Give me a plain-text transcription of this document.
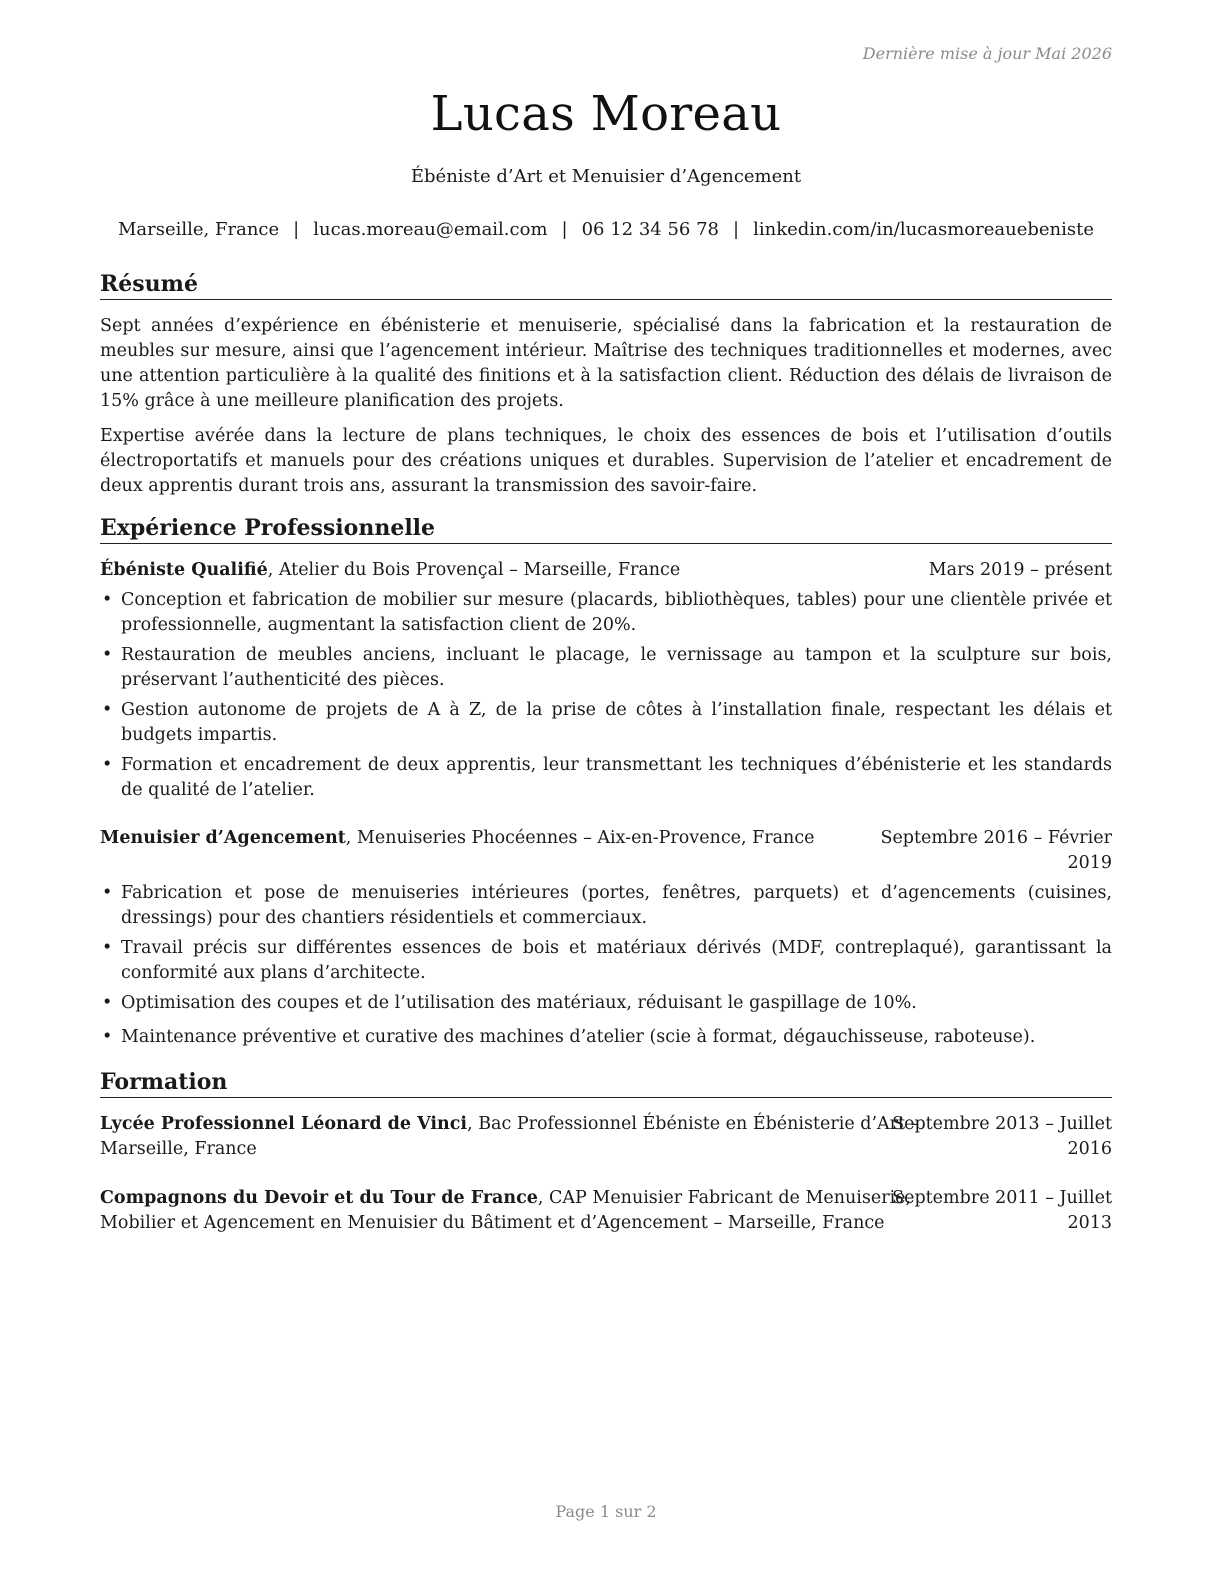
Dernière mise à jour Mai 2026
Lucas Moreau
Ébéniste d’Art et Menuisier d’Agencement
Marseille, France | lucas.moreau@email.com | 06 12 34 56 78 | linkedin.com/in/lucasmoreauebeniste
Résumé

Sept années d’expérience en ébénisterie et menuiserie, spécialisé dans la fabrication et la restauration de meubles sur mesure, ainsi que l’agencement intérieur. Maîtrise des techniques traditionnelles et modernes, avec une attention particulière à la qualité des finitions et à la satisfaction client. Réduction des délais de livraison de 15% grâce à une meilleure planification des projets.

Expertise avérée dans la lecture de plans techniques, le choix des essences de bois et l’utilisation d’outils électroportatifs et manuels pour des créations uniques et durables. Supervision de l’atelier et encadrement de deux apprentis durant trois ans, assurant la transmission des savoir-faire.

Expérience Professionnelle
Ébéniste Qualifié, Atelier du Bois Provençal – Marseille, France	Mars 2019 – présent
• Conception et fabrication de mobilier sur mesure (placards, bibliothèques, tables) pour une clientèle privée et professionnelle, augmentant la satisfaction client de 20%.
• Restauration de meubles anciens, incluant le placage, le vernissage au tampon et la sculpture sur bois, préservant l’authenticité des pièces.
• Gestion autonome de projets de A à Z, de la prise de côtes à l’installation finale, respectant les délais et budgets impartis.
• Formation et encadrement de deux apprentis, leur transmettant les techniques d’ébénisterie et les standards de qualité de l’atelier.
Menuisier d’Agencement, Menuiseries Phocéennes – Aix-en-Provence, France	Septembre 2016 – Février
2019
• Fabrication et pose de menuiseries intérieures (portes, fenêtres, parquets) et d’agencements (cuisines, dressings) pour des chantiers résidentiels et commerciaux.
• Travail précis sur différentes essences de bois et matériaux dérivés (MDF, contreplaqué), garantissant la conformité aux plans d’architecte.
• Optimisation des coupes et de l’utilisation des matériaux, réduisant le gaspillage de 10%.
• Maintenance préventive et curative des machines d’atelier (scie à format, dégauchisseuse, raboteuse).
Formation
Lycée Professionnel Léonard de Vinci, Bac Professionnel Ébéniste en Ébénisterie d’Art –
Marseille, France
Septembre 2013 – Juillet
2016
Compagnons du Devoir et du Tour de France, CAP Menuisier Fabricant de Menuiserie,
Mobilier et Agencement en Menuisier du Bâtiment et d’Agencement – Marseille, France
Septembre 2011 – Juillet
2013
Page 1 sur 2
